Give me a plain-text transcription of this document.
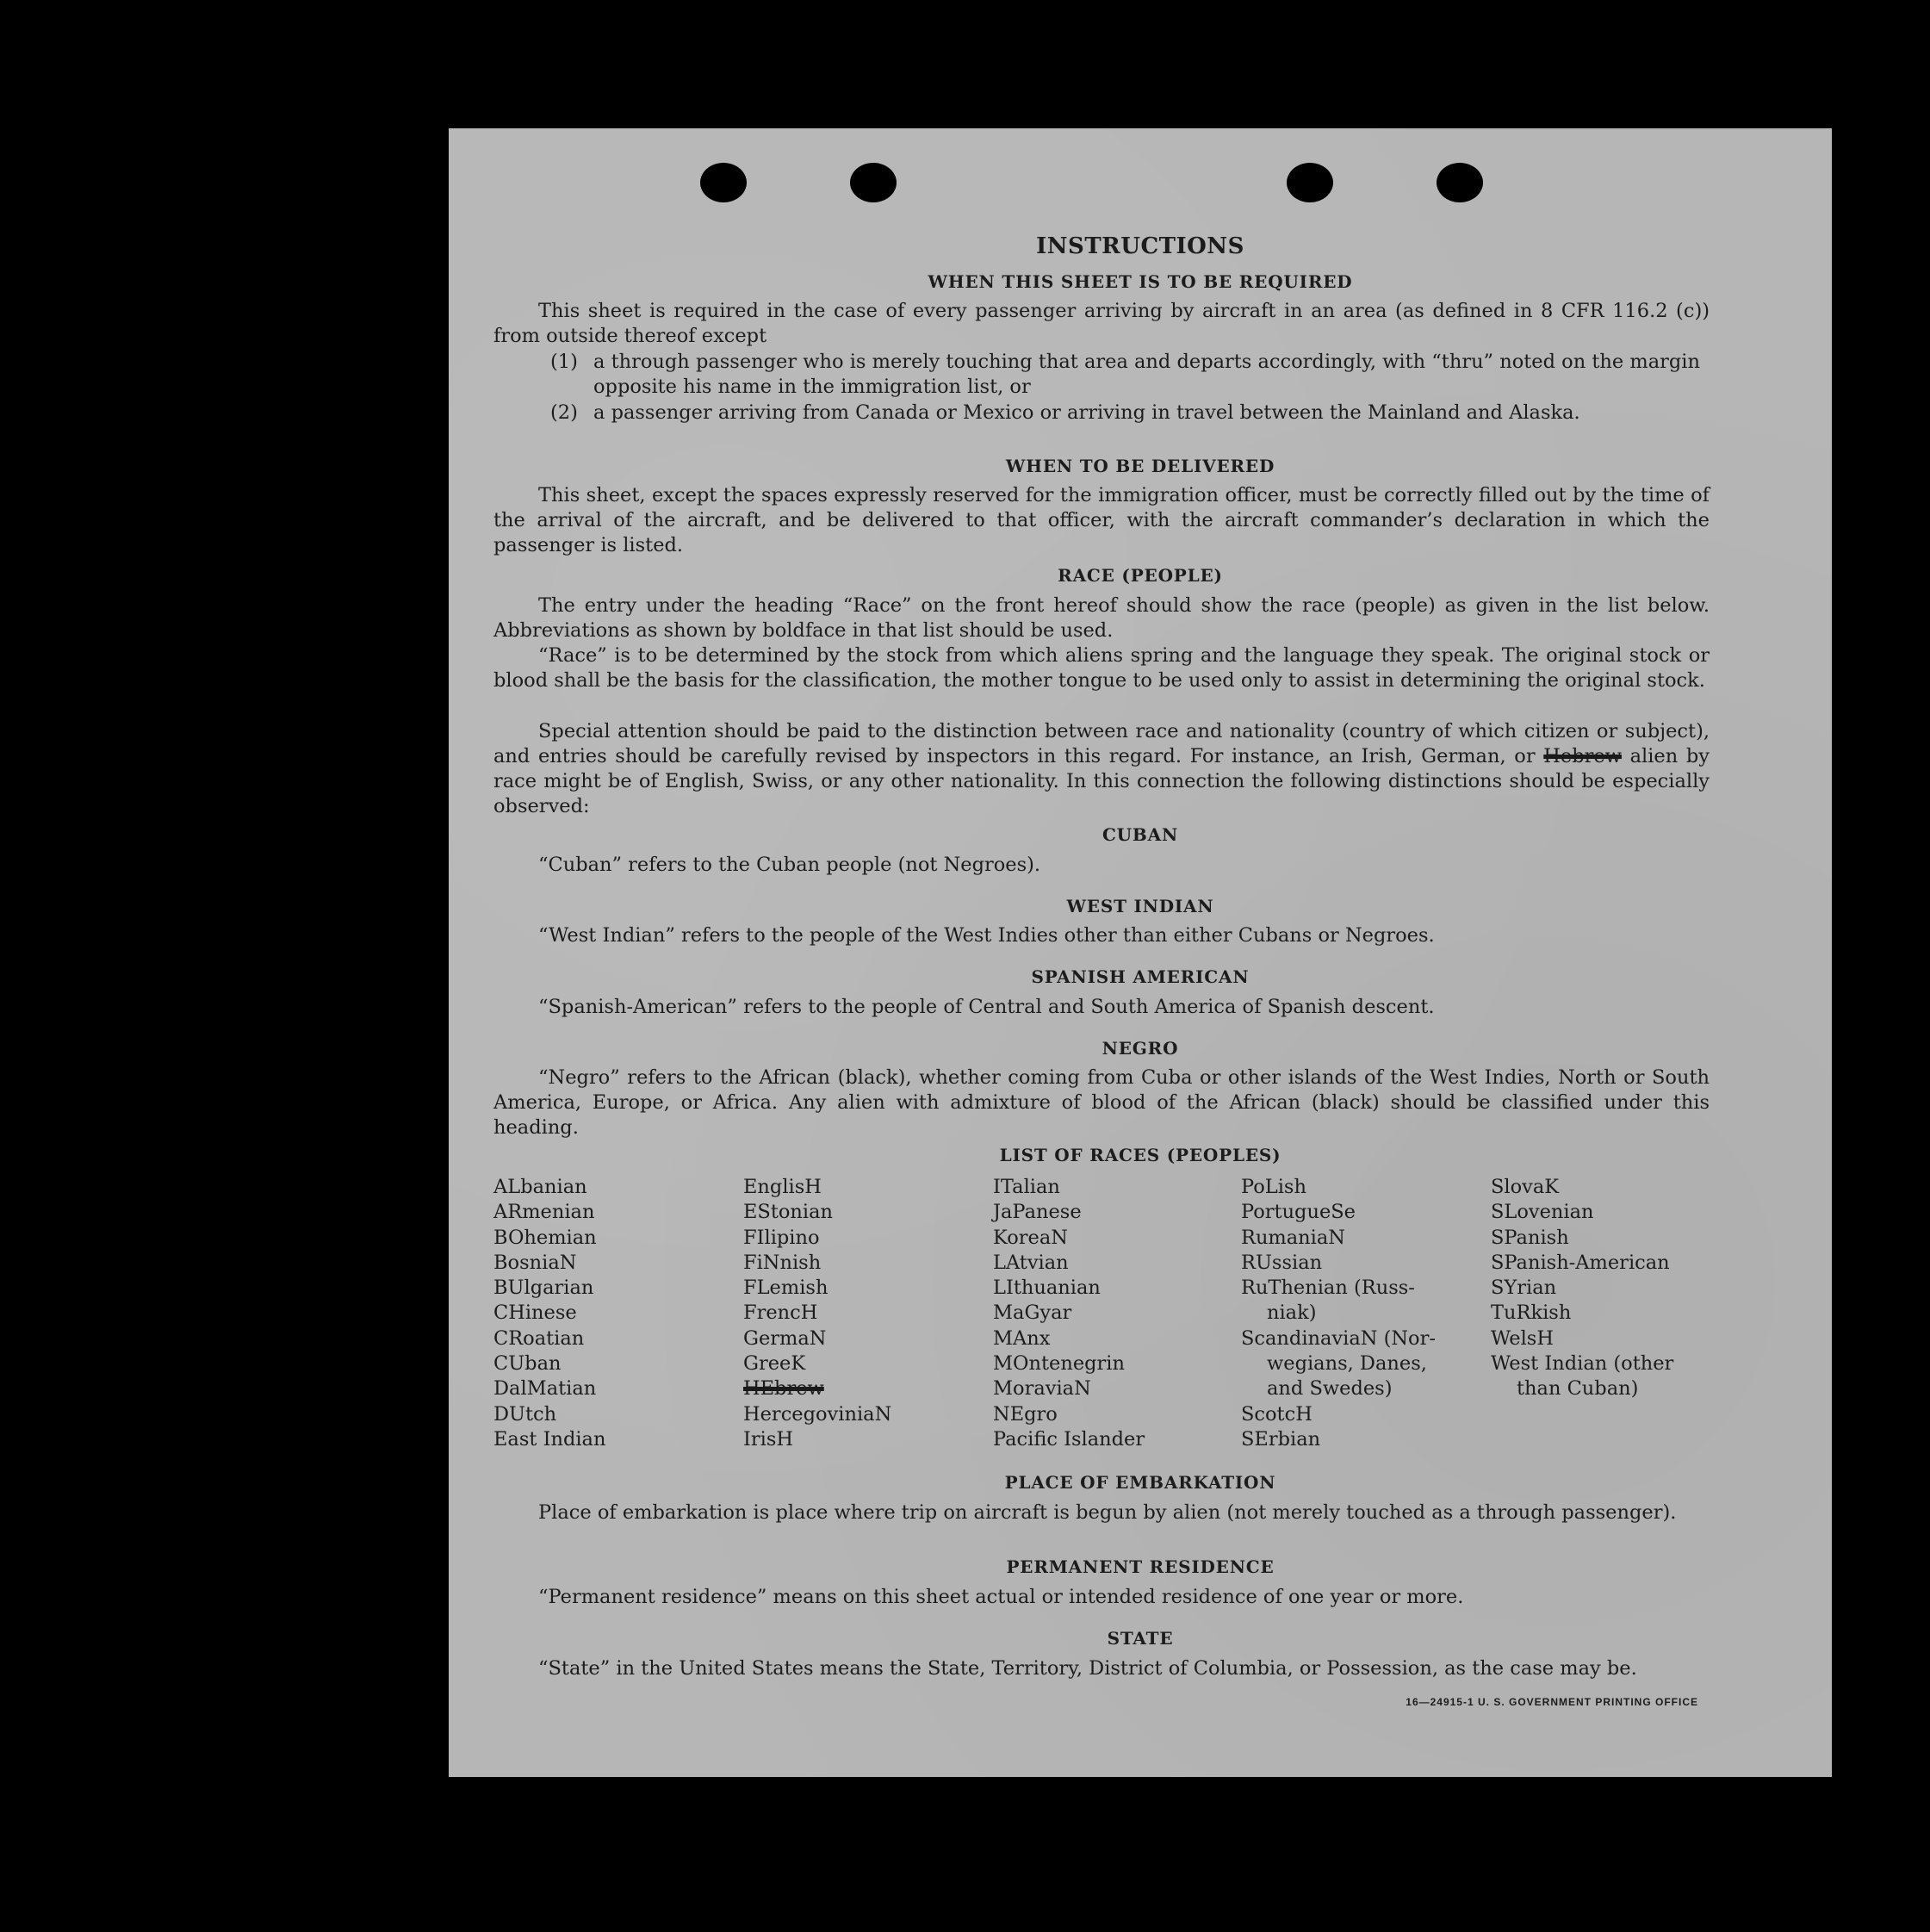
INSTRUCTIONS
WHEN THIS SHEET IS TO BE REQUIRED
This sheet is required in the case of every passenger arriving by aircraft in an area (as defined in 8 CFR 116.2 (c)) from outside thereof except
(1) a through passenger who is merely touching that area and departs accordingly, with “thru” noted on the margin opposite his name in the immigration list, or
(2) a passenger arriving from Canada or Mexico or arriving in travel between the Mainland and Alaska.
WHEN TO BE DELIVERED
This sheet, except the spaces expressly reserved for the immigration officer, must be correctly filled out by the time of the arrival of the aircraft, and be delivered to that officer, with the aircraft commander’s declaration in which the passenger is listed.
RACE (PEOPLE)
The entry under the heading “Race” on the front hereof should show the race (people) as given in the list below. Abbreviations as shown by boldface in that list should be used.
“Race” is to be determined by the stock from which aliens spring and the language they speak. The original stock or blood shall be the basis for the classification, the mother tongue to be used only to assist in determining the original stock.
Special attention should be paid to the distinction between race and nationality (country of which citizen or subject), and entries should be carefully revised by inspectors in this regard. For instance, an Irish, German, or Hebrew alien by race might be of English, Swiss, or any other nationality. In this connection the following distinctions should be especially observed:
CUBAN
“Cuban” refers to the Cuban people (not Negroes).
WEST INDIAN
“West Indian” refers to the people of the West Indies other than either Cubans or Negroes.
SPANISH AMERICAN
“Spanish-American” refers to the people of Central and South America of Spanish descent.
NEGRO
“Negro” refers to the African (black), whether coming from Cuba or other islands of the West Indies, North or South America, Europe, or Africa. Any alien with admixture of blood of the African (black) should be classified under this heading.
LIST OF RACES (PEOPLES)
ALbanian
ARmenian
BOhemian
BosniaN
BUlgarian
CHinese
CRoatian
CUban
DalMatian
DUtch
East Indian
EnglisH
EStonian
FIlipino
FiNnish
FLemish
FrencH
GermaN
GreeK
HEbrew
HercegoviniaN
IrisH
ITalian
JaPanese
KoreaN
LAtvian
LIthuanian
MaGyar
MAnx
MOntenegrin
MoraviaN
NEgro
Pacific Islander
PoLish
PortugueSe
RumaniaN
RUssian
RuThenian (Russ-
niak)
ScandinaviaN (Nor-
wegians, Danes,
and Swedes)
ScotcH
SErbian
SlovaK
SLovenian
SPanish
SPanish-American
SYrian
TuRkish
WelsH
West Indian (other
than Cuban)
PLACE OF EMBARKATION
Place of embarkation is place where trip on aircraft is begun by alien (not merely touched as a through passenger).
PERMANENT RESIDENCE
“Permanent residence” means on this sheet actual or intended residence of one year or more.
STATE
“State” in the United States means the State, Territory, District of Columbia, or Possession, as the case may be.
16—24915-1 U. S. GOVERNMENT PRINTING OFFICE
